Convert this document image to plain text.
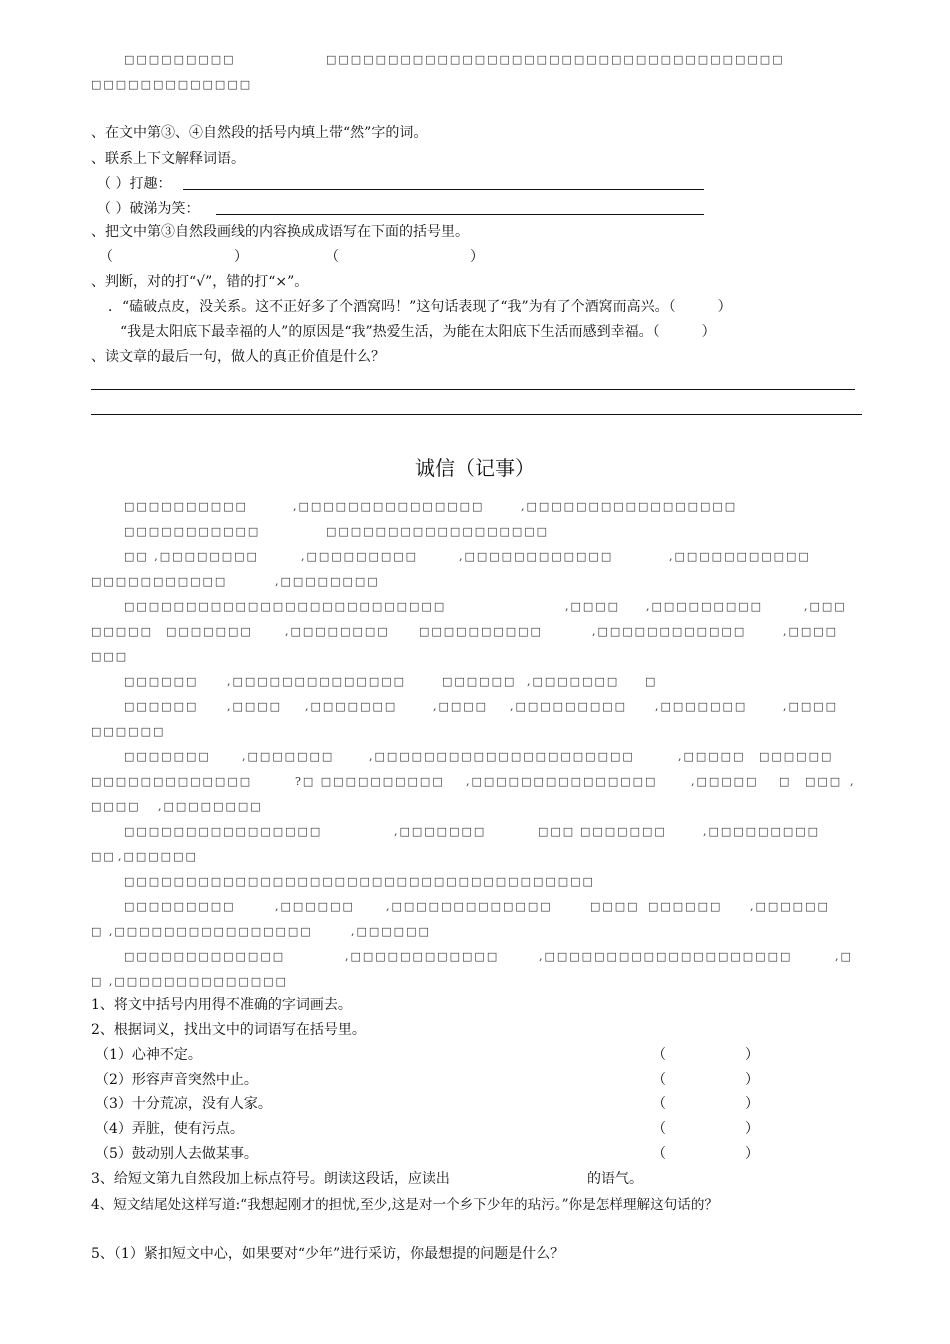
□□□□□□□□□	□□□□□□□□□□□□□□□□□□□□□□□□□□□□□□□□□□□□□
□□□□□□□□□□□□□
、在文中第③、④自然段的括号内填上带“然”字的词。
、联系上下文解释词语。
（ ）打趣：
（ ）破涕为笑：
、把文中第③自然段画线的内容换成成语写在下面的括号里。
（	）	（	）
、判断，对的打“√”，错的打“×”。
．“磕破点皮，没关系。这不正好多了个酒窝吗！”这句话表现了“我”为有了个酒窝而高兴。（　　　）
“我是太阳底下最幸福的人”的原因是“我”热爱生活，为能在太阳底下生活而感到幸福。（　　　）
、读文章的最后一句，做人的真正价值是什么？
诚信（记事）
□□□□□□□□□□	,□□□□□□□□□□□□□□□	,□□□□□□□□□□□□□□□□□
□□□□□□□□□□□	□□□□□□□□□□□□□□□□□□
□□ ,□□□□□□□□	,□□□□□□□□□	,□□□□□□□□□□□□	,□□□□□□□□□□□
□□□□□□□□□□□	,□□□□□□□□
□□□□□□□□□□□□□□□□□□□□□□□□□□	,□□□□ ,□□□□□□□□□	,□□□
□□□□□ □□□□□□□	,□□□□□□□□	□□□□□□□□□□	,□□□□□□□□□□□□	,□□□□
□□□
□□□□□□	,□□□□□□□□□□□□□□	□□□□□□ ,□□□□□□□ □
□□□□□□	,□□□□ ,□□□□□□□	,□□□□ ,□□□□□□□□□	,□□□□□□□	,□□□□
□□□□□□
□□□□□□□	,□□□□□□□	,□□□□□□□□□□□□□□□□□□□□□	,□□□□□ □□□□□□
□□□□□□□□□□□□□	?□ □□□□□□□□□□ ,□□□□□□□□□□□□□□□	,□□□□□ □ □□□ ,
□□□□ ,□□□□□□□□
□□□□□□□□□□□□□□□□	,□□□□□□□	□□□ □□□□□□□	,□□□□□□□□□
□□ ,□□□□□□
□□□□□□□□□□□□□□□□□□□□□□□□□□□□□□□□□□□□□□
□□□□□□□□□	,□□□□□□	,□□□□□□□□□□□□□	□□□□ □□□□□□	,□□□□□□
□ ,□□□□□□□□□□□□□□□□	,□□□□□□
□□□□□□□□□□□□□	,□□□□□□□□□□□□	,□□□□□□□□□□□□□□□□□□□□	,□
□ ,□□□□□□□□□□□□□□
1、将文中括号内用得不准确的字词画去。
2、根据词义，找出文中的词语写在括号里。
（1）心神不定。	（	）
（2）形容声音突然中止。	（	）
（3）十分荒凉，没有人家。	（	）
（4）弄脏，使有污点。	（	）
（5）鼓动别人去做某事。	（	）
3、给短文第九自然段加上标点符号。朗读这段话，应读出	的语气。
4、短文结尾处这样写道:“我想起刚才的担忧,至少,这是对一个乡下少年的玷污。”你是怎样理解这句话的？
5、（1）紧扣短文中心，如果要对“少年”进行采访，你最想提的问题是什么？
